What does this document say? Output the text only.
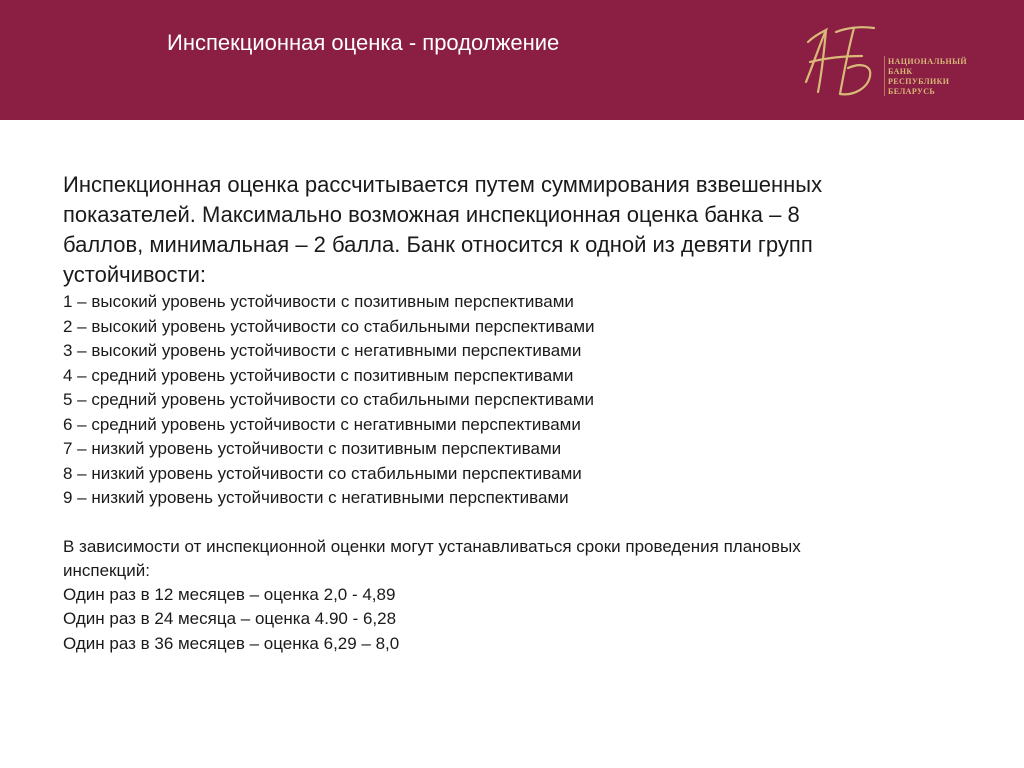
Инспекционная оценка - продолжение
НАЦИОНАЛЬНЫЙ
БАНК
РЕСПУБЛИКИ
БЕЛАРУСЬ

Инспекционная оценка рассчитывается путем суммирования взвешенных показателей. Максимально возможная инспекционная оценка банка – 8 баллов, минимальная – 2 балла. Банк относится к одной из девяти групп устойчивости:

1 – высокий уровень устойчивости с позитивным перспективами
2 – высокий уровень устойчивости со стабильными перспективами
3 – высокий уровень устойчивости с негативными перспективами
4 – средний уровень устойчивости с позитивным перспективами
5 – средний уровень устойчивости со стабильными перспективами
6 – средний уровень устойчивости с негативными перспективами
7 – низкий уровень устойчивости с позитивным перспективами
8 – низкий уровень устойчивости со стабильными перспективами
9 – низкий уровень устойчивости с негативными перспективами

В зависимости от инспекционной оценки могут устанавливаться сроки проведения плановых инспекций:

Один раз в 12 месяцев – оценка 2,0 - 4,89
Один раз в 24 месяца – оценка 4.90 - 6,28
Один раз в 36 месяцев – оценка 6,29 – 8,0
